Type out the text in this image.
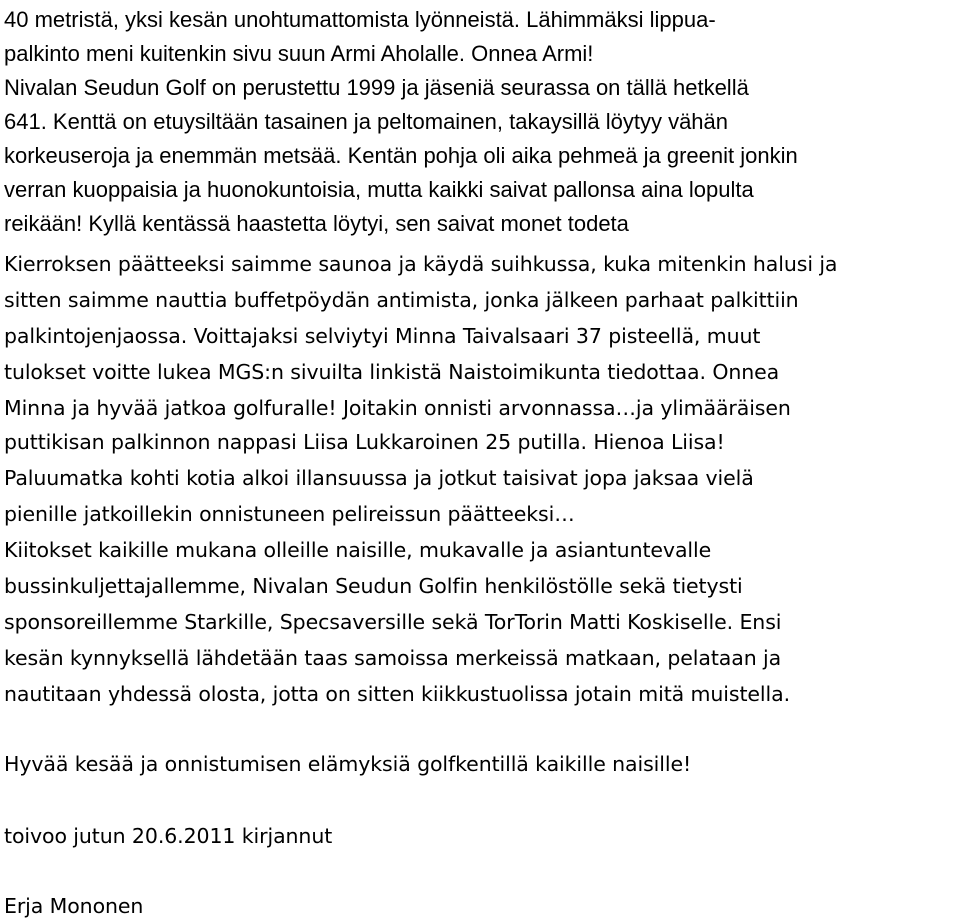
40 metristä, yksi kesän unohtumattomista lyönneistä. Lähimmäksi lippua-
palkinto meni kuitenkin sivu suun Armi Aholalle. Onnea Armi!
Nivalan Seudun Golf on perustettu 1999 ja jäseniä seurassa on tällä hetkellä
641. Kenttä on etuysiltään tasainen ja peltomainen, takaysillä löytyy vähän
korkeuseroja ja enemmän metsää. Kentän pohja oli aika pehmeä ja greenit jonkin
verran kuoppaisia ja huonokuntoisia, mutta kaikki saivat pallonsa aina lopulta
reikään! Kyllä kentässä haastetta löytyi, sen saivat monet todeta
Kierroksen päätteeksi saimme saunoa ja käydä suihkussa, kuka mitenkin halusi ja
sitten saimme nauttia buffetpöydän antimista, jonka jälkeen parhaat palkittiin
palkintojenjaossa. Voittajaksi selviytyi Minna Taivalsaari 37 pisteellä, muut
tulokset voitte lukea MGS:n sivuilta linkistä Naistoimikunta tiedottaa. Onnea
Minna ja hyvää jatkoa golfuralle! Joitakin onnisti arvonnassa…ja ylimääräisen
puttikisan palkinnon nappasi Liisa Lukkaroinen 25 putilla. Hienoa Liisa!
Paluumatka kohti kotia alkoi illansuussa ja jotkut taisivat jopa jaksaa vielä
pienille jatkoillekin onnistuneen pelireissun päätteeksi…
Kiitokset kaikille mukana olleille naisille, mukavalle ja asiantuntevalle
bussinkuljettajallemme, Nivalan Seudun Golfin henkilöstölle sekä tietysti
sponsoreillemme Starkille, Specsaversille sekä TorTorin Matti Koskiselle. Ensi
kesän kynnyksellä lähdetään taas samoissa merkeissä matkaan, pelataan ja
nautitaan yhdessä olosta, jotta on sitten kiikkustuolissa jotain mitä muistella.
Hyvää kesää ja onnistumisen elämyksiä golfkentillä kaikille naisille!
toivoo jutun 20.6.2011 kirjannut
Erja Mononen
